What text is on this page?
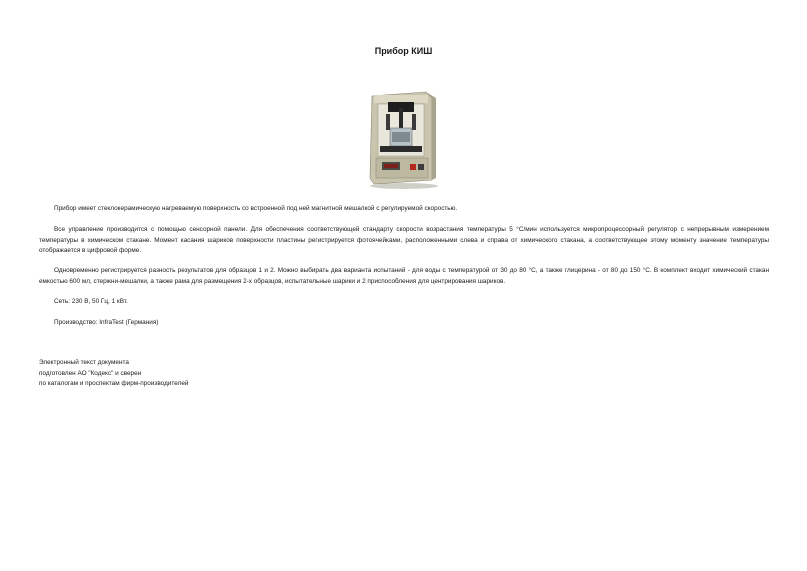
Прибор КИШ

Прибор имеет стеклокерамическую нагреваемую поверхность со встроенной под ней магнитной мешалкой с регулируемой скоростью.

Все управление производится с помощью сенсорной панели. Для обеспечения соответствующей стандарту скорости возрастания температуры 5 °С/мин используется микропроцессорный регулятор с непрерывным измерением температуры в химическом стакане. Момент касания шариков поверхности пластины регистрируется фотоячейками, расположенными слева и справа от химического стакана, а соответствующее этому моменту значение температуры отображается в цифровой форме.

Одновременно регистрируется разность результатов для образцов 1 и 2. Можно выбирать два варианта испытаний - для воды с температурой от 30 до 80 °С, а также глицерина - от 80 до 150 °С. В комплект входит химический стакан емкостью 600 мл, стержни-мешалки, а также рама для размещения 2-х образцов, испытательные шарики и 2 приспособления для центрирования шариков.

Сеть: 230 В, 50 Гц, 1 кВт.

Производство: InfraTest (Германия)

Электронный текст документа
подготовлен АО "Кодекс" и сверен
по каталогам и проспектам фирм-производителей
